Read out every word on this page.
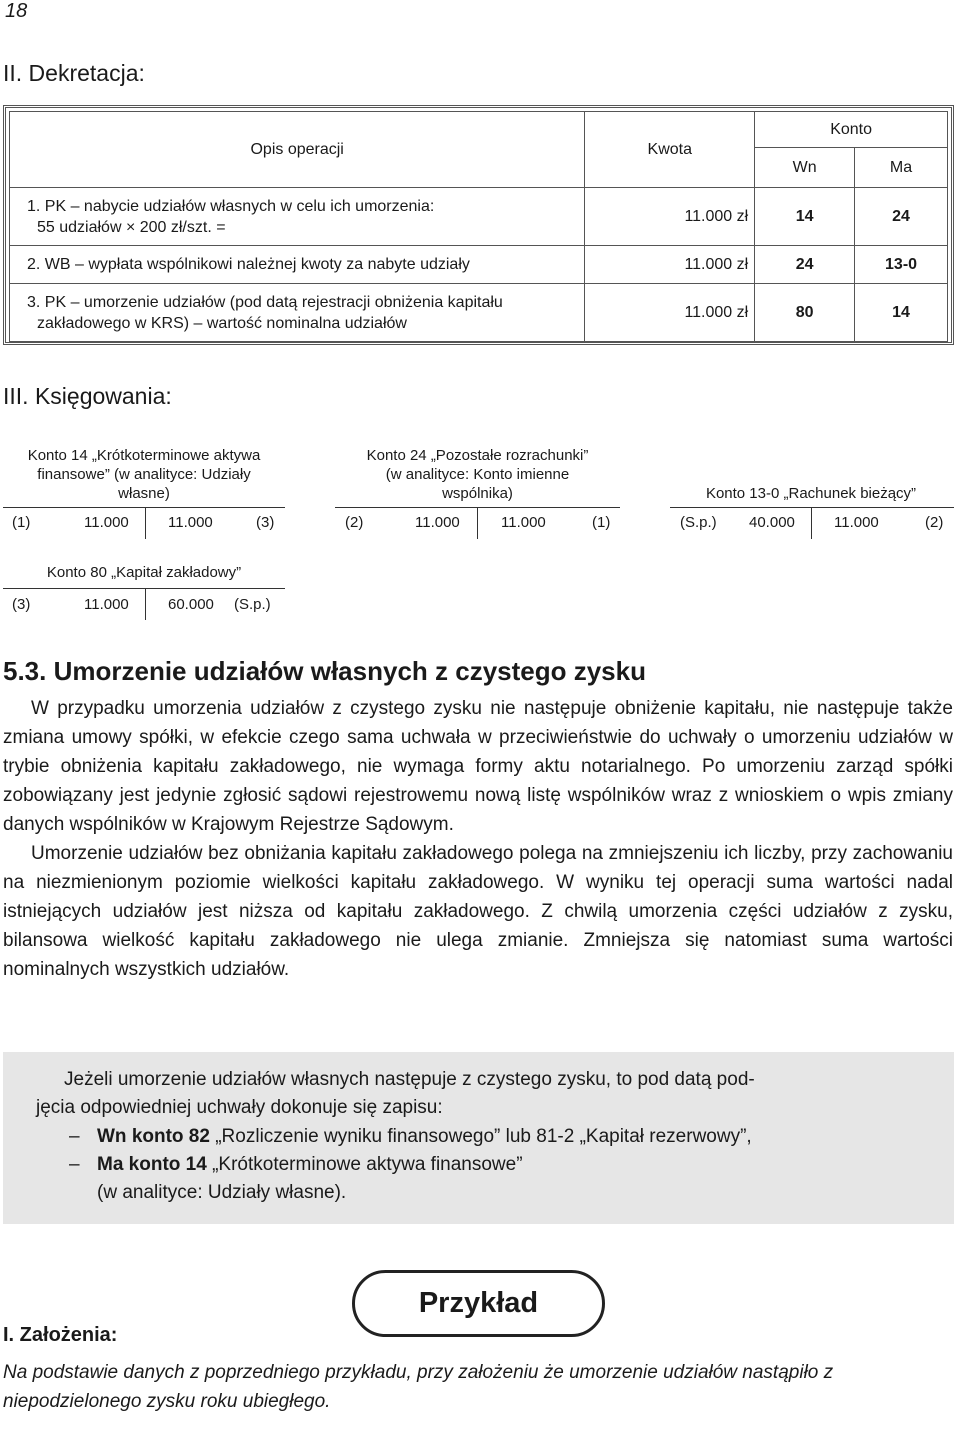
18
II. Dekretacja:
Opis operacji	Kwota	Konto	
		Wn	Ma

1. PK – nabycie udziałów własnych w celu ich umorzenia:
55 udziałów × 200 zł/szt. =	11.000 zł	14	24
2. WB – wypłata wspólnikowi należnej kwoty za nabyte udziały	11.000 zł	24	13-0

3. PK – umorzenie udziałów (pod datą rejestracji obniżenia kapitału
zakładowego w KRS) – wartość nominalna udziałów	11.000 zł	80	14
III. Księgowania:
Konto 14 „Krótkoterminowe aktywa
finansowe” (w analityce: Udziały
własne)
(1)	11.000	11.000	(3)
Konto 24 „Pozostałe rozrachunki”
(w analityce: Konto imienne
wspólnika)
(2)	11.000	11.000	(1)
Konto 13-0 „Rachunek bieżący”
(S.p.) 40.000	11.000	(2)
Konto 80 „Kapitał zakładowy”
(3)	11.000	60.000 (S.p.)
5.3. Umorzenie udziałów własnych z czystego zysku

W przypadku umorzenia udziałów z czystego zysku nie następuje obniżenie kapitału, nie następuje także zmiana umowy spółki, w efekcie czego sama uchwała w przeciwieństwie do uchwały o umorzeniu udziałów w trybie obniżenia kapitału zakładowego, nie wymaga formy aktu notarialnego. Po umorzeniu zarząd spółki zobowiązany jest jedynie zgłosić sądowi rejestrowemu nową listę wspólników wraz z wnioskiem o wpis zmiany danych wspólników w Krajowym Rejestrze Sądowym.

Umorzenie udziałów bez obniżania kapitału zakładowego polega na zmniejszeniu ich liczby, przy zachowaniu na niezmienionym poziomie wielkości kapitału zakładowego. W wyniku tej operacji suma wartości nadal istniejących udziałów jest niższa od kapitału zakładowego. Z chwilą umorzenia części udziałów z zysku, bilansowa wielkość kapitału zakładowego nie ulega zmianie. Zmniejsza się natomiast suma wartości nominalnych wszystkich udziałów.

Jeżeli umorzenie udziałów własnych następuje z czystego zysku, to pod datą pod-
jęcia odpowiedniej uchwały dokonuje się zapisu:
– Wn konto 82 „Rozliczenie wyniku finansowego” lub 81-2 „Kapitał rezerwowy”,
– Ma konto 14 „Krótkoterminowe aktywa finansowe”
(w analityce: Udziały własne).
Przykład
I. Założenia:
Na podstawie danych z poprzedniego przykładu, przy założeniu że umorzenie udziałów nastąpiło z niepodzielonego zysku roku ubiegłego.
